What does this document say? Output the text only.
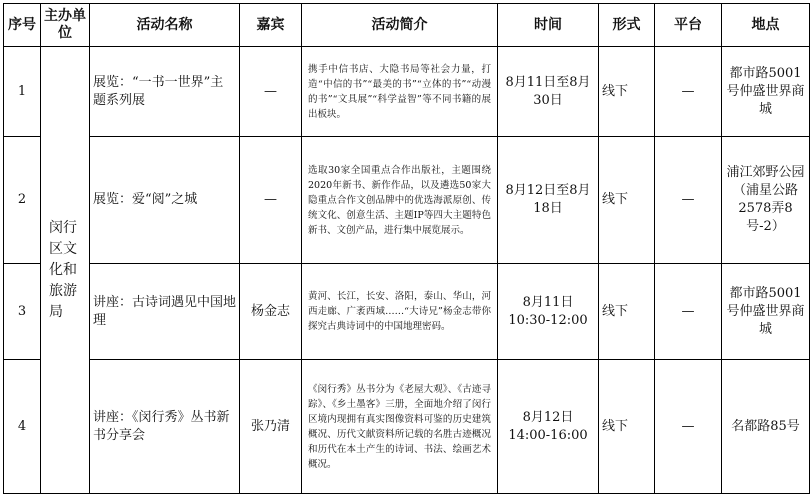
序号	主办单位	活动名称	嘉宾	活动简介	时间	形式	平台	地点
1	闵行区文化和旅游局	展览：“一书一世界”主题系列展	—	携手中信书店、大隐书局等社会力量，打造“中信的书”“最美的书”“立体的书”“动漫的书”“文具展”“科学益智”等不同书籍的展出板块。	8月11日至8月30日	线下	—	都市路5001号仲盛世界商城
2		展览：爱“阅”之城	—	选取30家全国重点合作出版社，主题围绕2020年新书、新作作品，以及遴选50家大隐重点合作文创品牌中的优选海派原创、传统文化、创意生活、主题IP等四大主题特色新书、文创产品，进行集中展览展示。	8月12日至8月18日	线下	—	浦江郊野公园（浦星公路2578弄8号-2）
3		讲座：古诗词遇见中国地理	杨金志	黄河、长江，长安、洛阳，泰山、华山，河西走廊、广袤西域……“大诗兄”杨金志带你探究古典诗词中的中国地理密码。	8月11日 10:30-12:00	线下	—	都市路5001号仲盛世界商城
4		讲座：《闵行秀》丛书新书分享会	张乃清	《闵行秀》丛书分为《老屋大观》、《古迹寻踪》、《乡土墨客》三册，全面地介绍了闵行区境内现拥有真实图像资料可鉴的历史建筑概况、历代文献资料所记载的名胜古迹概况和历代在本土产生的诗词、书法、绘画艺术概况。	8月12日 14:00-16:00	线下	—	名都路85号
